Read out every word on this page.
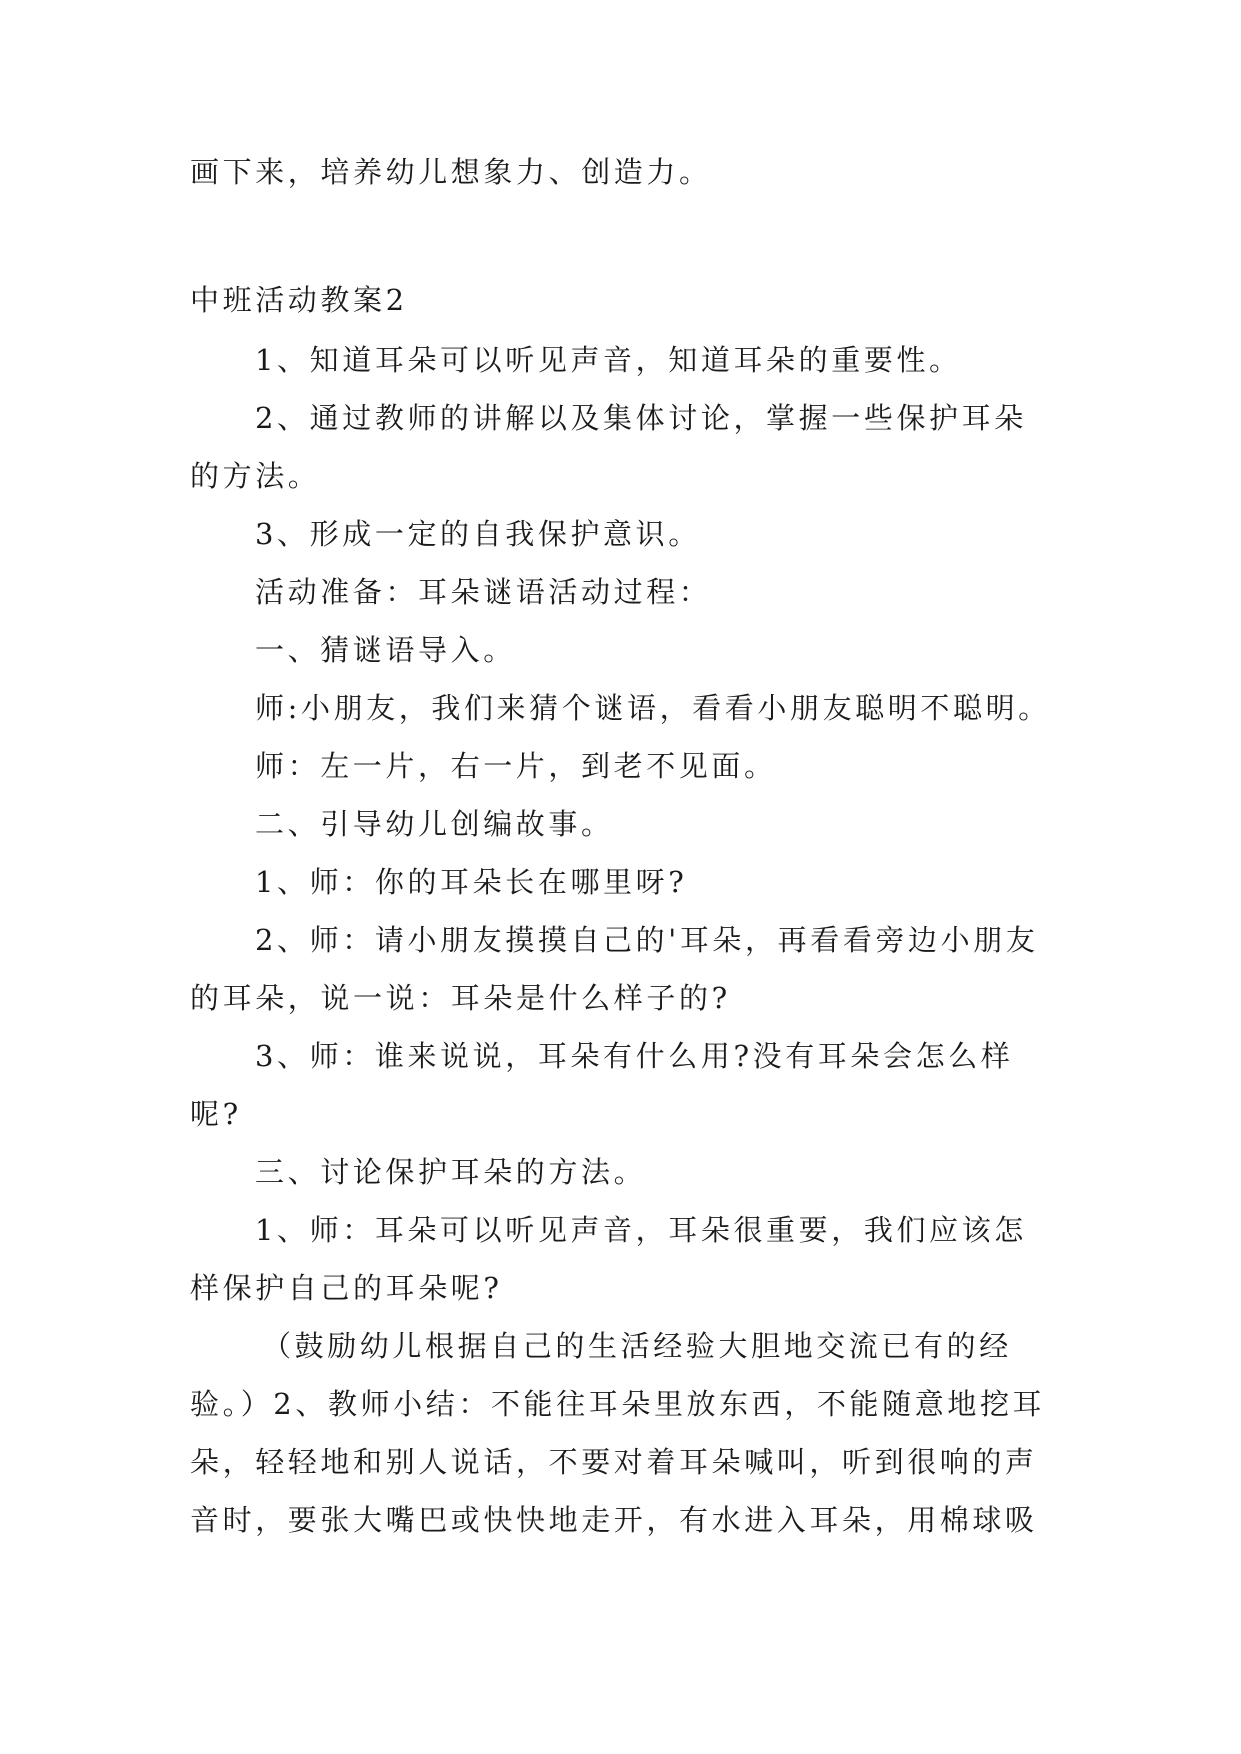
画下来，培养幼儿想象力、创造力。
中班活动教案2
1、知道耳朵可以听见声音，知道耳朵的重要性。
2、通过教师的讲解以及集体讨论，掌握一些保护耳朵
的方法。
3、形成一定的自我保护意识。
活动准备：耳朵谜语活动过程：
一、猜谜语导入。
师:小朋友，我们来猜个谜语，看看小朋友聪明不聪明。
师：左一片，右一片，到老不见面。
二、引导幼儿创编故事。
1、师：你的耳朵长在哪里呀?
2、师：请小朋友摸摸自己的'耳朵，再看看旁边小朋友
的耳朵，说一说：耳朵是什么样子的?
3、师：谁来说说，耳朵有什么用?没有耳朵会怎么样
呢?
三、讨论保护耳朵的方法。
1、师：耳朵可以听见声音，耳朵很重要，我们应该怎
样保护自己的耳朵呢?
（鼓励幼儿根据自己的生活经验大胆地交流已有的经
验。）2、教师小结：不能往耳朵里放东西，不能随意地挖耳
朵，轻轻地和别人说话，不要对着耳朵喊叫，听到很响的声
音时，要张大嘴巴或快快地走开，有水进入耳朵，用棉球吸
